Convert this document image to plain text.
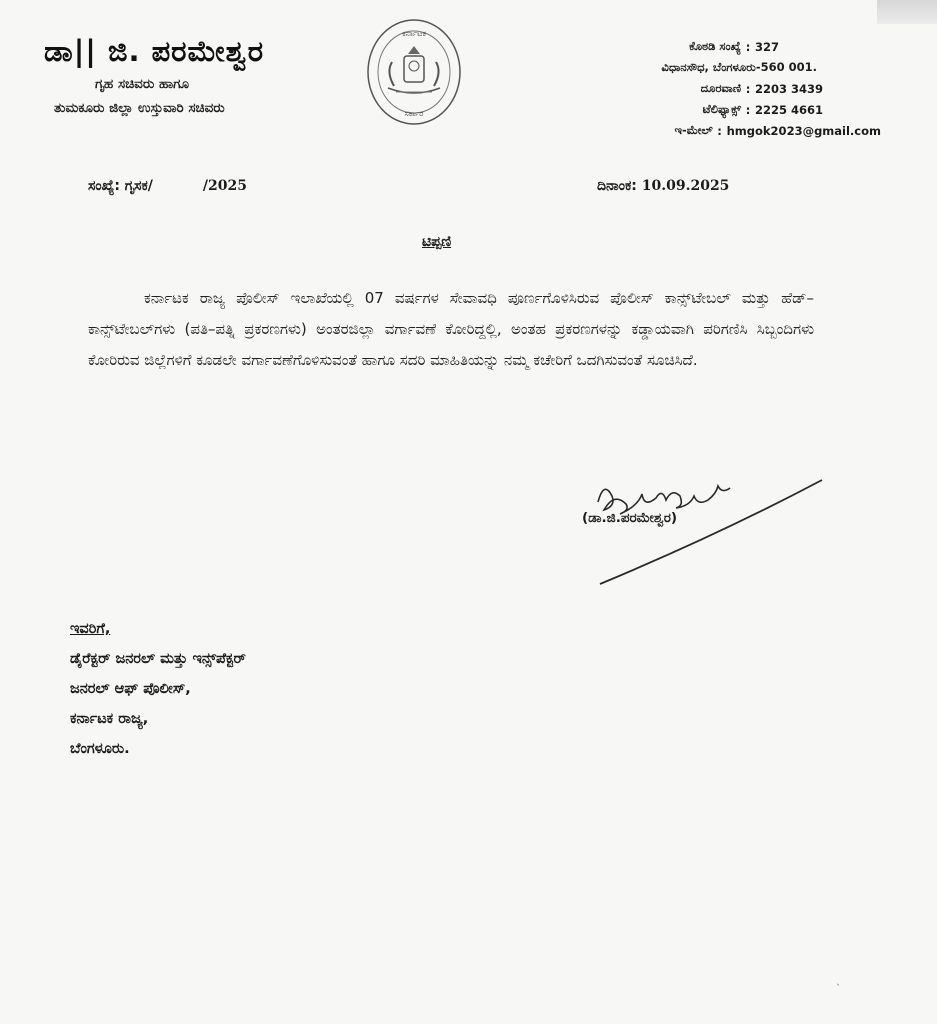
ಡಾ|| ಜಿ. ಪರಮೇಶ್ವರ
ಗೃಹ ಸಚಿವರು ಹಾಗೂ
ತುಮಕೂರು ಜಿಲ್ಲಾ ಉಸ್ತುವಾರಿ ಸಚಿವರು
ಕರ್ನಾಟಕ
ಸರ್ಕಾರ
ಕೊಠಡಿ ಸಂಖ್ಯೆ : 327
ವಿಧಾನಸೌಧ, ಬೆಂಗಳೂರು-560 001.
ದೂರವಾಣಿ : 2203 3439
ಟೆಲಿಫ್ಯಾಕ್ಸ್ : 2225 4661
ಇ-ಮೇಲ್ : hmgok2023@gmail.com
ಸಂಖ್ಯೆ: ಗೃಸಕ/	/2025	ದಿನಾಂಕ: 10.09.2025
ಟಿಪ್ಪಣಿ
ಕರ್ನಾಟಕ ರಾಜ್ಯ ಪೊಲೀಸ್ ಇಲಾಖೆಯಲ್ಲಿ 07 ವರ್ಷಗಳ ಸೇವಾವಧಿ ಪೂರ್ಣಗೊಳಿಸಿರುವ ಪೊಲೀಸ್ ಕಾನ್ಸ್‌ಟೇಬಲ್ ಮತ್ತು ಹೆಡ್–ಕಾನ್ಸ್‌ಟೇಬಲ್‌ಗಳು (ಪತಿ–ಪತ್ನಿ ಪ್ರಕರಣಗಳು) ಅಂತರಜಿಲ್ಲಾ ವರ್ಗಾವಣೆ ಕೋರಿದ್ದಲ್ಲಿ, ಅಂತಹ ಪ್ರಕರಣಗಳನ್ನು ಕಡ್ಡಾಯವಾಗಿ ಪರಿಗಣಿಸಿ ಸಿಬ್ಬಂದಿಗಳು ಕೋರಿರುವ ಜಿಲ್ಲೆಗಳಿಗೆ ಕೂಡಲೇ ವರ್ಗಾವಣೆಗೊಳಿಸುವಂತೆ ಹಾಗೂ ಸದರಿ ಮಾಹಿತಿಯನ್ನು ನಮ್ಮ ಕಚೇರಿಗೆ ಒದಗಿಸುವಂತೆ ಸೂಚಿಸಿದೆ.
(ಡಾ.ಜಿ.ಪರಮೇಶ್ವರ)
ಇವರಿಗೆ,
ಡೈರೆಕ್ಟರ್ ಜನರಲ್ ಮತ್ತು ಇನ್ಸ್‌ಪೆಕ್ಟರ್
ಜನರಲ್ ಆಫ್ ಪೊಲೀಸ್,
ಕರ್ನಾಟಕ ರಾಜ್ಯ,
ಬೆಂಗಳೂರು.
ˎ
